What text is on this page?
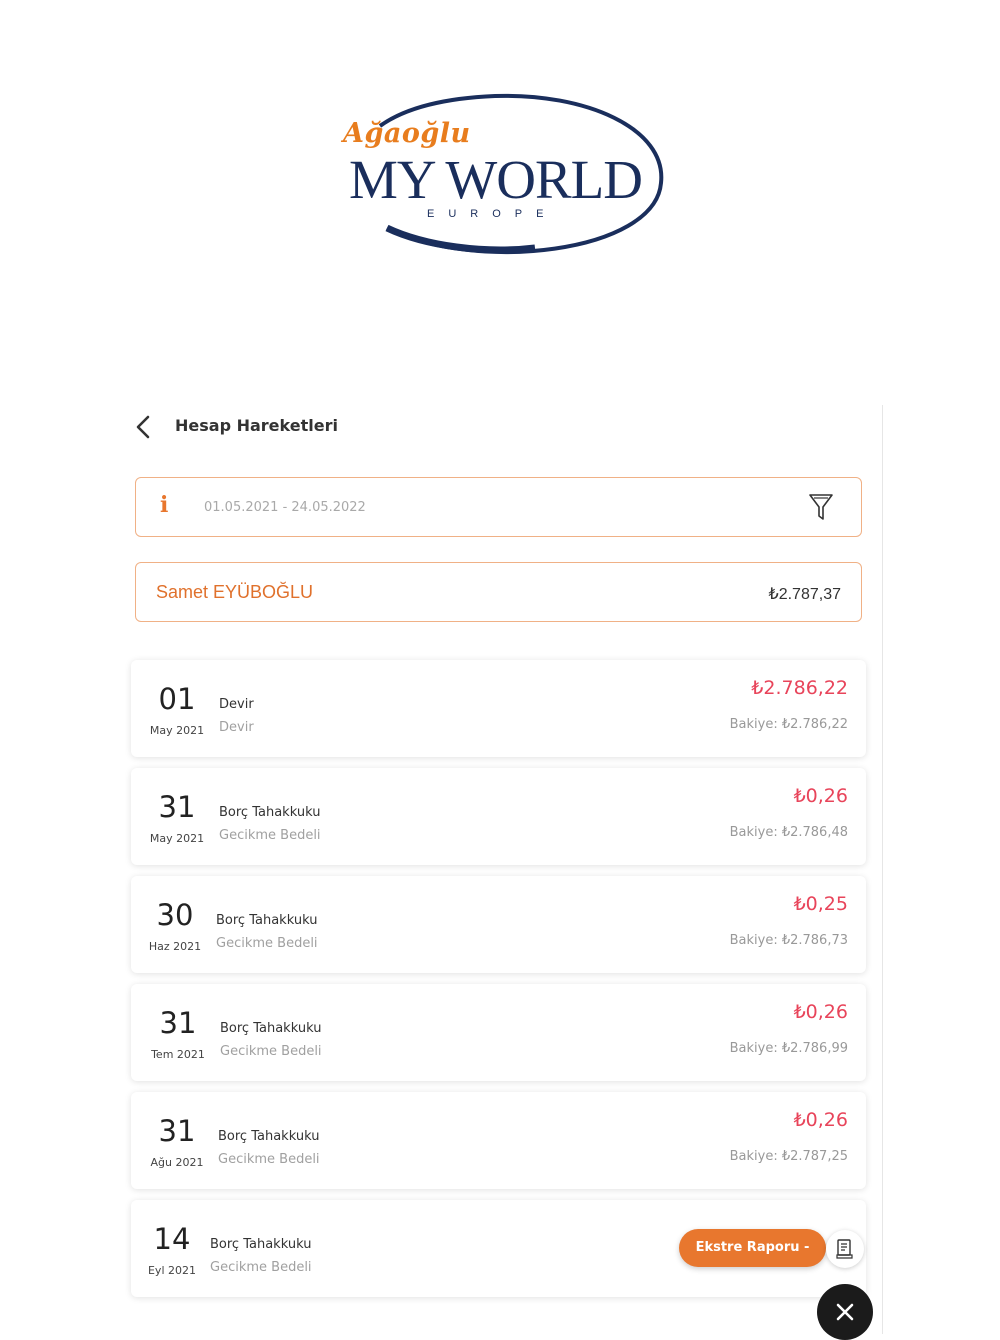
Ağaoğlu
MY WORLD
EUROPE
Hesap Hareketleri
i	01.05.2021 - 24.05.2022
Samet EYÜBOĞLU	₺2.787,37
01
May 2021
Devir
Devir
₺2.786,22
Bakiye: ₺2.786,22
31
May 2021
Borç Tahakkuku
Gecikme Bedeli
₺0,26
Bakiye: ₺2.786,48
30
Haz 2021
Borç Tahakkuku
Gecikme Bedeli
₺0,25
Bakiye: ₺2.786,73
31
Tem 2021
Borç Tahakkuku
Gecikme Bedeli
₺0,26
Bakiye: ₺2.786,99
31
Ağu 2021
Borç Tahakkuku
Gecikme Bedeli
₺0,26
Bakiye: ₺2.787,25
14
Eyl 2021
Borç Tahakkuku
Gecikme Bedeli
Ekstre Raporu - PDF
